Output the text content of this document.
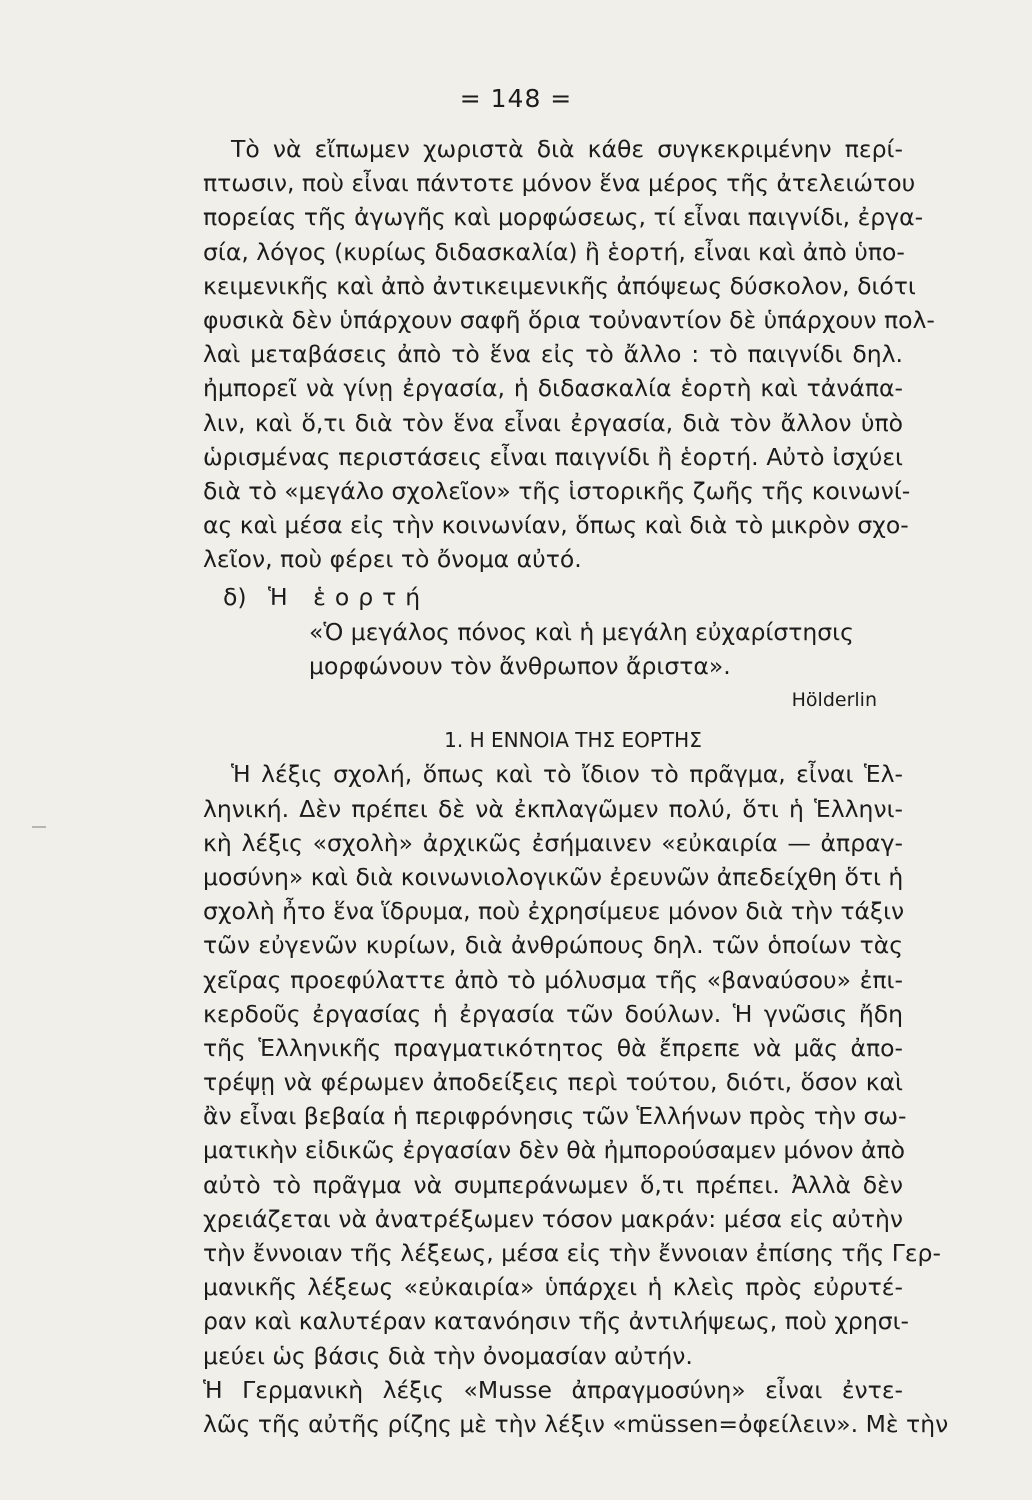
= 148 =
Τὸ νὰ εἴπωμεν χωριστὰ διὰ κάθε συγκεκριμένην περί-
πτωσιν, ποὺ εἶναι πάντοτε μόνον ἕνα μέρος τῆς ἀτελειώτου
πορείας τῆς ἀγωγῆς καὶ μορφώσεως, τί εἶναι παιγνίδι, ἐργα-
σία, λόγος (κυρίως διδασκαλία) ἢ ἑορτή, εἶναι καὶ ἀπὸ ὑπο-
κειμενικῆς καὶ ἀπὸ ἀντικειμενικῆς ἀπόψεως δύσκολον, διότι
φυσικὰ δὲν ὑπάρχουν σαφῆ ὅρια τοὐναντίον δὲ ὑπάρχουν πολ-
λαὶ μεταβάσεις ἀπὸ τὸ ἕνα εἰς τὸ ἄλλο : τὸ παιγνίδι δηλ.
ἠμπορεῖ νὰ γίνῃ ἐργασία, ἡ διδασκαλία ἑορτὴ καὶ τἀνάπα-
λιν, καὶ ὅ,τι διὰ τὸν ἕνα εἶναι ἐργασία, διὰ τὸν ἄλλον ὑπὸ
ὡρισμένας περιστάσεις εἶναι παιγνίδι ἢ ἑορτή. Αὐτὸ ἰσχύει
διὰ τὸ «μεγάλο σχολεῖον» τῆς ἱστορικῆς ζωῆς τῆς κοινωνί-
ας καὶ μέσα εἰς τὴν κοινωνίαν, ὅπως καὶ διὰ τὸ μικρὸν σχο-
λεῖον, ποὺ φέρει τὸ ὄνομα αὐτό.
δ) Ἡ ἑορτή
«Ὁ μεγάλος πόνος καὶ ἡ μεγάλη εὐχαρίστησις
μορφώνουν τὸν ἄνθρωπον ἄριστα».
Hölderlin
1. Η ΕΝΝΟΙΑ ΤΗΣ ΕΟΡΤΗΣ
Ἡ λέξις σχολή, ὅπως καὶ τὸ ἴδιον τὸ πρᾶγμα, εἶναι Ἑλ-
ληνική. Δὲν πρέπει δὲ νὰ ἐκπλαγῶμεν πολύ, ὅτι ἡ Ἑλληνι-
κὴ λέξις «σχολὴ» ἀρχικῶς ἐσήμαινεν «εὐκαιρία — ἀπραγ-
μοσύνη» καὶ διὰ κοινωνιολογικῶν ἐρευνῶν ἀπεδείχθη ὅτι ἡ
σχολὴ ἦτο ἕνα ἵδρυμα, ποὺ ἐχρησίμευε μόνον διὰ τὴν τάξιν
τῶν εὐγενῶν κυρίων, διὰ ἀνθρώπους δηλ. τῶν ὁποίων τὰς
χεῖρας προεφύλαττε ἀπὸ τὸ μόλυσμα τῆς «βαναύσου» ἐπι-
κερδοῦς ἐργασίας ἡ ἐργασία τῶν δούλων. Ἡ γνῶσις ἤδη
τῆς Ἑλληνικῆς πραγματικότητος θὰ ἔπρεπε νὰ μᾶς ἀπο-
τρέψῃ νὰ φέρωμεν ἀποδείξεις περὶ τούτου, διότι, ὅσον καὶ
ἂν εἶναι βεβαία ἡ περιφρόνησις τῶν Ἑλλήνων πρὸς τὴν σω-
ματικὴν εἰδικῶς ἐργασίαν δὲν θὰ ἠμπορούσαμεν μόνον ἀπὸ
αὐτὸ τὸ πρᾶγμα νὰ συμπεράνωμεν ὅ,τι πρέπει. Ἀλλὰ δὲν
χρειάζεται νὰ ἀνατρέξωμεν τόσον μακράν: μέσα εἰς αὐτὴν
τὴν ἔννοιαν τῆς λέξεως, μέσα εἰς τὴν ἔννοιαν ἐπίσης τῆς Γερ-
μανικῆς λέξεως «εὐκαιρία» ὑπάρχει ἡ κλεὶς πρὸς εὐρυτέ-
ραν καὶ καλυτέραν κατανόησιν τῆς ἀντιλήψεως, ποὺ χρησι-
μεύει ὡς βάσις διὰ τὴν ὀνομασίαν αὐτήν.
Ἡ Γερμανικὴ λέξις «Musse ἀπραγμοσύνη» εἶναι ἐντε-
λῶς τῆς αὐτῆς ρίζης μὲ τὴν λέξιν «müssen=ὀφείλειν». Μὲ τὴν
